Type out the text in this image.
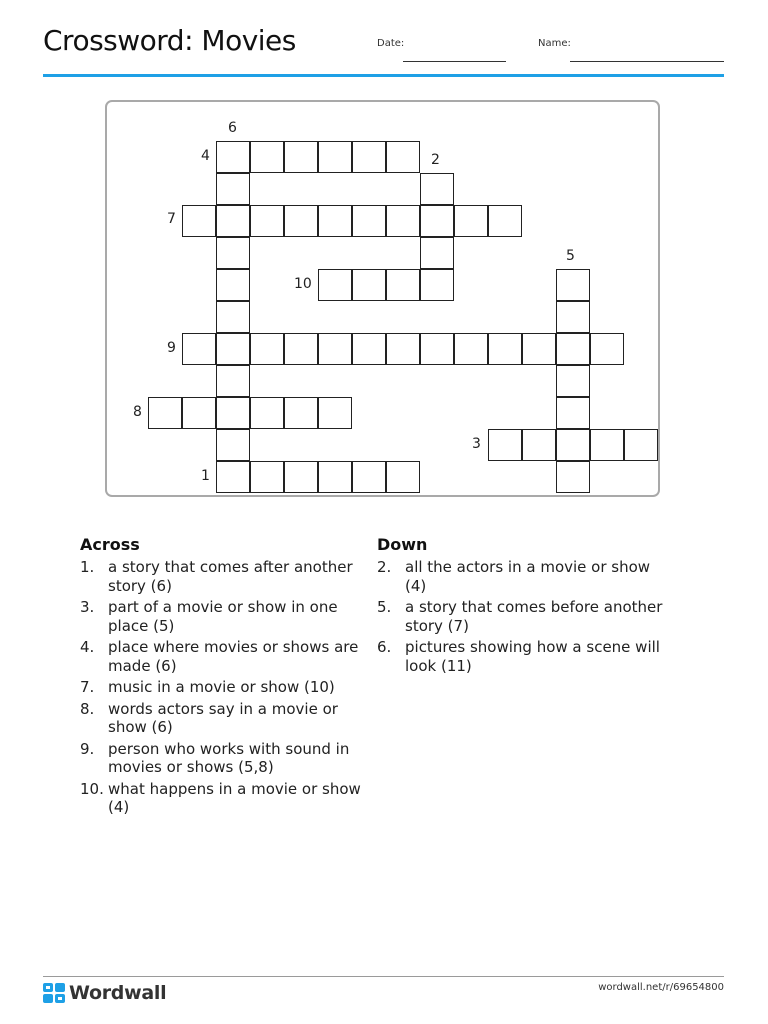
Crossword: Movies	Date:	Name:
6
4	2
7
5
10
9
8
3
1
Across
1. a story that comes after another story (6)
3. part of a movie or show in one place (5)
4. place where movies or shows are made (6)
7. music in a movie or show (10)
8. words actors say in a movie or show (6)
9. person who works with sound in movies or shows (5,8)
10. what happens in a movie or show (4)
Down
2. all the actors in a movie or show (4)
5. a story that comes before another story (7)
6. pictures showing how a scene will look (11)
Wordwall	wordwall.net/r/69654800
